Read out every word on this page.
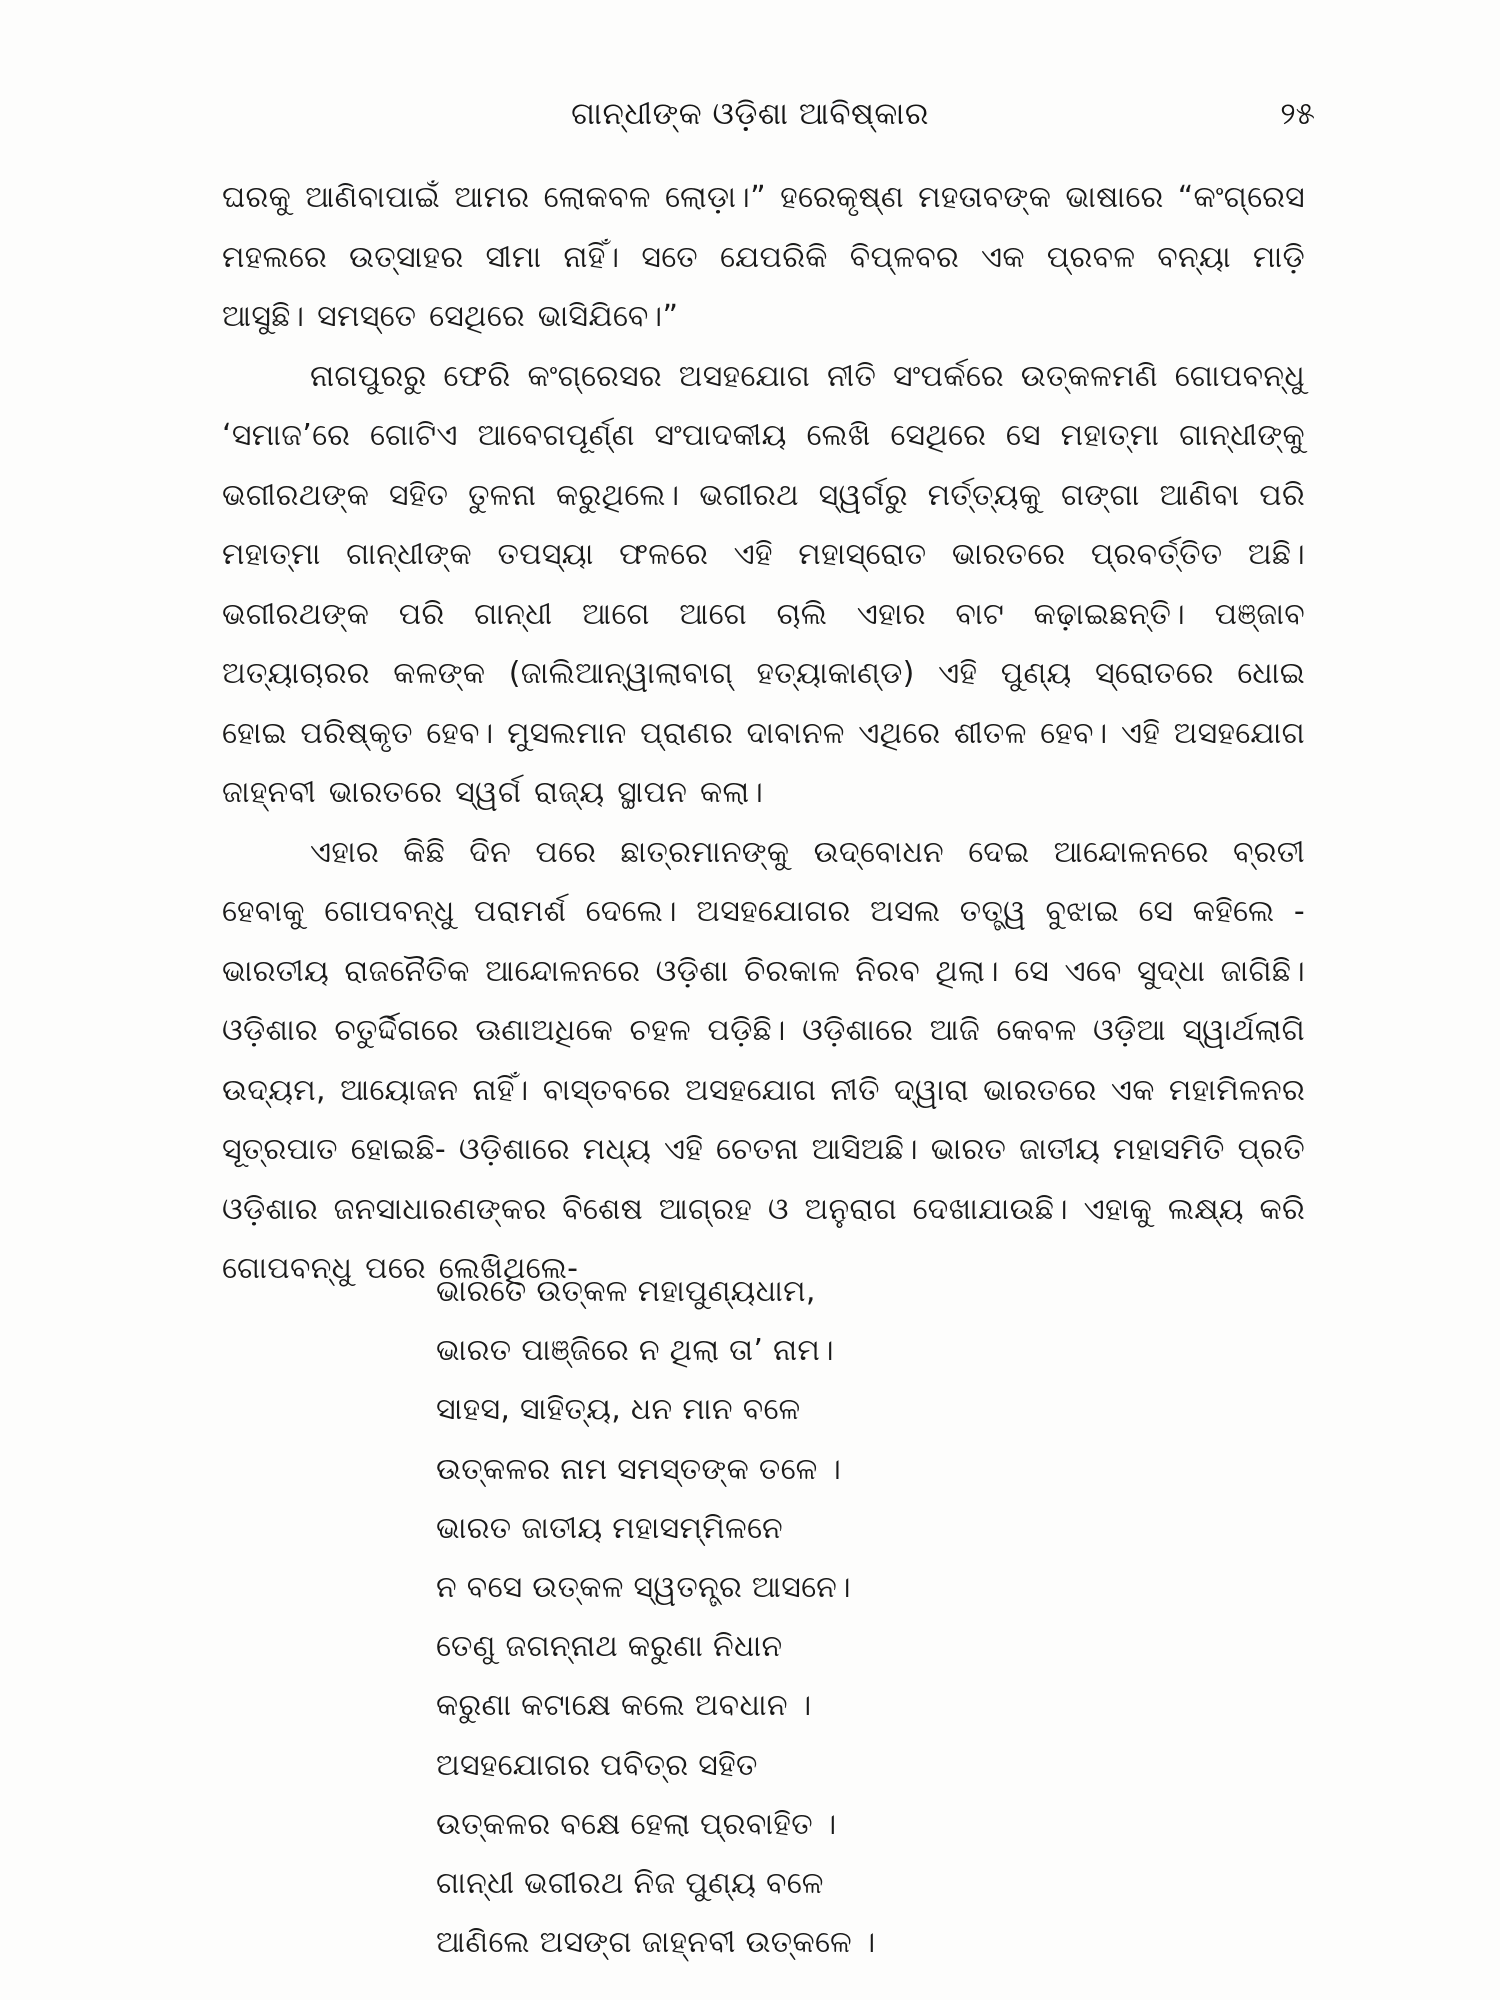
ଗାନ୍ଧୀଙ୍କ ଓଡ଼ିଶା ଆବିଷ୍କାର	୨୫

ଘରକୁ ଆଣିବାପାଇଁ ଆମର ଲୋକବଳ ଲୋଡ଼ା।” ହରେକୃଷ୍ଣ ମହତାବଙ୍କ ଭାଷାରେ “କଂଗ୍ରେସ ମହଲରେ ଉତ୍ସାହର ସୀମା ନାହିଁ। ସତେ ଯେପରିକି ବିପ୍ଳବର ଏକ ପ୍ରବଳ ବନ୍ୟା ମାଡ଼ି ଆସୁଛି। ସମସ୍ତେ ସେଥିରେ ଭାସିଯିବେ।”

ନାଗପୁରରୁ ଫେରି କଂଗ୍ରେସର ଅସହଯୋଗ ନୀତି ସଂପର୍କରେ ଉତ୍କଳମଣି ଗୋପବନ୍ଧୁ ‘ସମାଜ’ରେ ଗୋଟିଏ ଆବେଗପୂର୍ଣ୍ଣ ସଂପାଦକୀୟ ଲେଖି ସେଥିରେ ସେ ମହାତ୍ମା ଗାନ୍ଧୀଙ୍କୁ ଭଗୀରଥଙ୍କ ସହିତ ତୁଳନା କରୁଥିଲେ। ଭଗୀରଥ ସ୍ୱର୍ଗରୁ ମର୍ତ୍ତ୍ୟକୁ ଗଙ୍ଗା ଆଣିବା ପରି ମହାତ୍ମା ଗାନ୍ଧୀଙ୍କ ତପସ୍ୟା ଫଳରେ ଏହି ମହାସ୍ରୋତ ଭାରତରେ ପ୍ରବର୍ତ୍ତିତ ଅଛି। ଭଗୀରଥଙ୍କ ପରି ଗାନ୍ଧୀ ଆଗେ ଆଗେ ଚାଲି ଏହାର ବାଟ କଢ଼ାଇଛନ୍ତି। ପଞ୍ଜାବ ଅତ୍ୟାଚାରର କଳଙ୍କ (ଜାଲିଆନ୍‌ୱାଲାବାଗ୍‌ ହତ୍ୟାକାଣ୍ଡ) ଏହି ପୁଣ୍ୟ ସ୍ରୋତରେ ଧୋଇ ହୋଇ ପରିଷ୍କୃତ ହେବ। ମୁସଲମାନ ପ୍ରାଣର ଦାବାନଳ ଏଥିରେ ଶୀତଳ ହେବ। ଏହି ଅସହଯୋଗ ଜାହ୍ନବୀ ଭାରତରେ ସ୍ୱର୍ଗ ରାଜ୍ୟ ସ୍ଥାପନ କଲା।

ଏହାର କିଛି ଦିନ ପରେ ଛାତ୍ରମାନଙ୍କୁ ଉଦ୍‌ବୋଧନ ଦେଇ ଆନ୍ଦୋଳନରେ ବ୍ରତୀ ହେବାକୁ ଗୋପବନ୍ଧୁ ପରାମର୍ଶ ଦେଲେ। ଅସହଯୋଗର ଅସଲ ତତ୍ତ୍ୱ ବୁଝାଇ ସେ କହିଲେ - ଭାରତୀୟ ରାଜନୈତିକ ଆନ୍ଦୋଳନରେ ଓଡ଼ିଶା ଚିରକାଳ ନିରବ ଥିଲା। ସେ ଏବେ ସୁଦ୍ଧା ଜାଗିଛି। ଓଡ଼ିଶାର ଚତୁର୍ଦ୍ଦିଗରେ ଊଣାଅଧିକେ ଚହଳ ପଡ଼ିଛି। ଓଡ଼ିଶାରେ ଆଜି କେବଳ ଓଡ଼ିଆ ସ୍ୱାର୍ଥଲାଗି ଉଦ୍ୟମ, ଆୟୋଜନ ନାହିଁ। ବାସ୍ତବରେ ଅସହଯୋଗ ନୀତି ଦ୍ୱାରା ଭାରତରେ ଏକ ମହାମିଳନର ସୂତ୍ରପାତ ହୋଇଛି- ଓଡ଼ିଶାରେ ମଧ୍ୟ ଏହି ଚେତନା ଆସିଅଛି। ଭାରତ ଜାତୀୟ ମହାସମିତି ପ୍ରତି ଓଡ଼ିଶାର ଜନସାଧାରଣଙ୍କର ବିଶେଷ ଆଗ୍ରହ ଓ ଅନୁରାଗ ଦେଖାଯାଉଛି। ଏହାକୁ ଲକ୍ଷ୍ୟ କରି ଗୋପବନ୍ଧୁ ପରେ ଲେଖିଥିଲେ-

ଭାରତେ ଉତ୍କଳ ମହାପୁଣ୍ୟଧାମ,
ଭାରତ ପାଞ୍ଜିରେ ନ ଥିଲା ତା’ ନାମ।
ସାହସ, ସାହିତ୍ୟ, ଧନ ମାନ ବଳେ
ଉତ୍କଳର ନାମ ସମସ୍ତଙ୍କ ତଳେ ।
ଭାରତ ଜାତୀୟ ମହାସମ୍ମିଳନେ
ନ ବସେ ଉତ୍କଳ ସ୍ୱତନ୍ତ୍ର ଆସନେ।
ତେଣୁ ଜଗନ୍ନାଥ କରୁଣା ନିଧାନ
କରୁଣା କଟାକ୍ଷେ କଲେ ଅବଧାନ ।
ଅସହଯୋଗର ପବିତ୍ର ସହିତ
ଉତ୍କଳର ବକ୍ଷେ ହେଲା ପ୍ରବାହିତ ।
ଗାନ୍ଧୀ ଭଗୀରଥ ନିଜ ପୁଣ୍ୟ ବଳେ
ଆଣିଲେ ଅସଙ୍ଗ ଜାହ୍ନବୀ ଉତ୍କଳେ ।
